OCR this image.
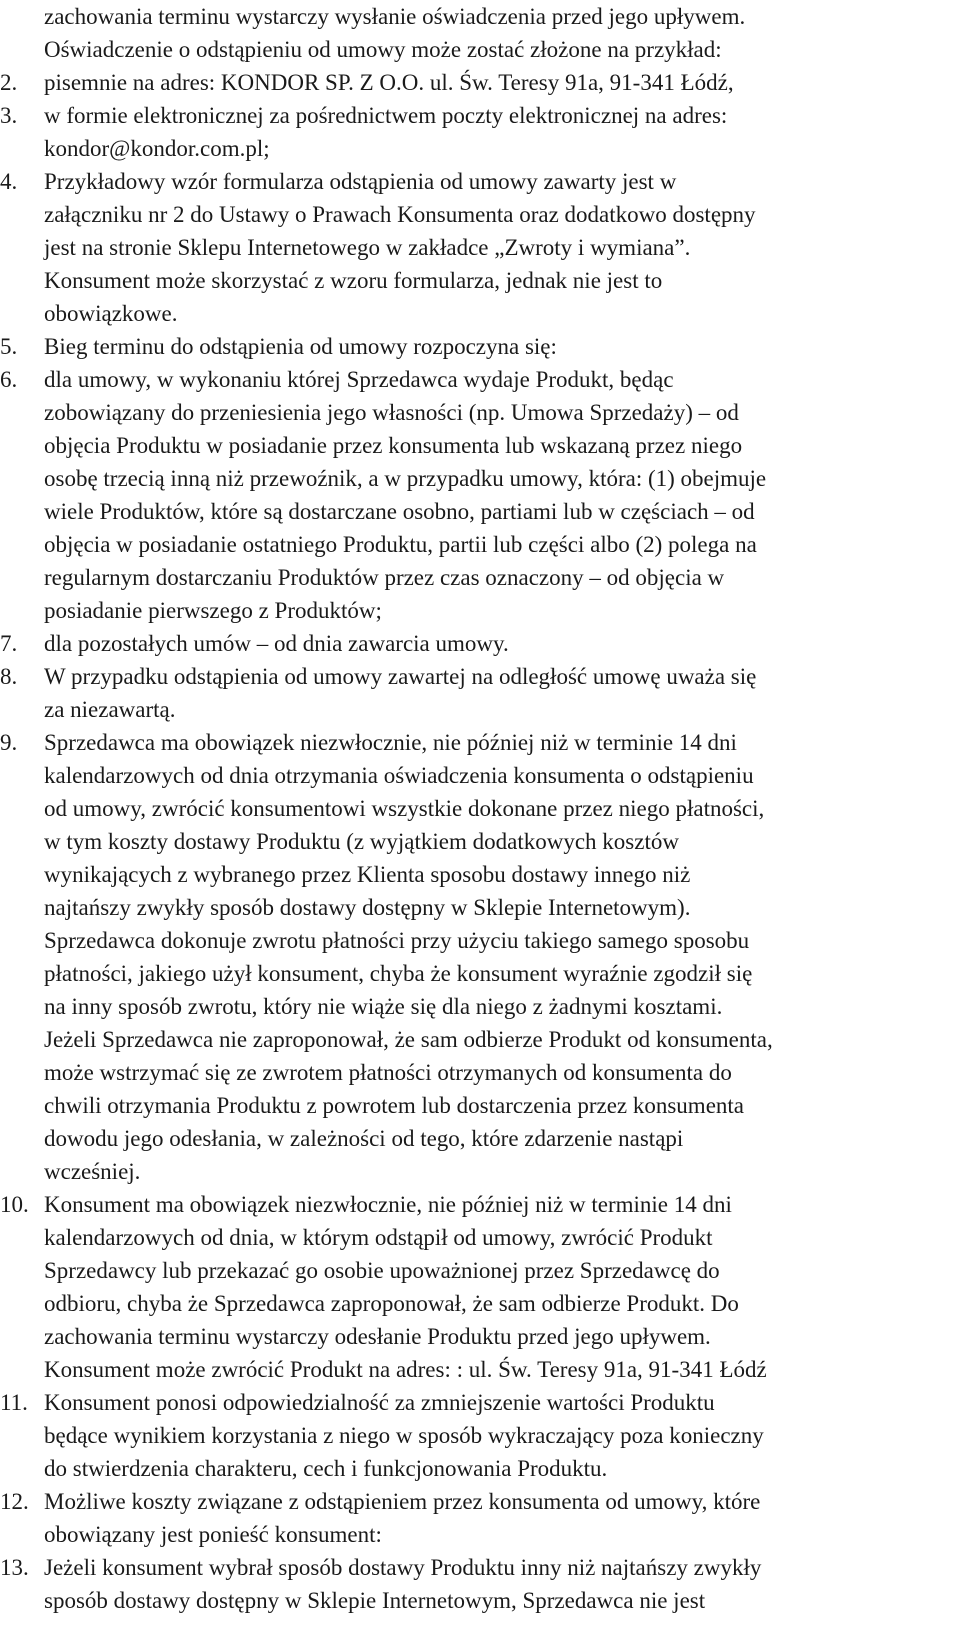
zachowania terminu wystarczy wysłanie oświadczenia przed jego upływem.
Oświadczenie o odstąpieniu od umowy może zostać złożone na przykład:
2. pisemnie na adres: KONDOR SP. Z O.O. ul. Św. Teresy 91a, 91-341 Łódź,
3. w formie elektronicznej za pośrednictwem poczty elektronicznej na adres:
kondor@kondor.com.pl;
4. Przykładowy wzór formularza odstąpienia od umowy zawarty jest w
załączniku nr 2 do Ustawy o Prawach Konsumenta oraz dodatkowo dostępny
jest na stronie Sklepu Internetowego w zakładce „Zwroty i wymiana”.
Konsument może skorzystać z wzoru formularza, jednak nie jest to
obowiązkowe.
5. Bieg terminu do odstąpienia od umowy rozpoczyna się:
6. dla umowy, w wykonaniu której Sprzedawca wydaje Produkt, będąc
zobowiązany do przeniesienia jego własności (np. Umowa Sprzedaży) – od
objęcia Produktu w posiadanie przez konsumenta lub wskazaną przez niego
osobę trzecią inną niż przewoźnik, a w przypadku umowy, która: (1) obejmuje
wiele Produktów, które są dostarczane osobno, partiami lub w częściach – od
objęcia w posiadanie ostatniego Produktu, partii lub części albo (2) polega na
regularnym dostarczaniu Produktów przez czas oznaczony – od objęcia w
posiadanie pierwszego z Produktów;
7. dla pozostałych umów – od dnia zawarcia umowy.
8. W przypadku odstąpienia od umowy zawartej na odległość umowę uważa się
za niezawartą.
9. Sprzedawca ma obowiązek niezwłocznie, nie później niż w terminie 14 dni
kalendarzowych od dnia otrzymania oświadczenia konsumenta o odstąpieniu
od umowy, zwrócić konsumentowi wszystkie dokonane przez niego płatności,
w tym koszty dostawy Produktu (z wyjątkiem dodatkowych kosztów
wynikających z wybranego przez Klienta sposobu dostawy innego niż
najtańszy zwykły sposób dostawy dostępny w Sklepie Internetowym).
Sprzedawca dokonuje zwrotu płatności przy użyciu takiego samego sposobu
płatności, jakiego użył konsument, chyba że konsument wyraźnie zgodził się
na inny sposób zwrotu, który nie wiąże się dla niego z żadnymi kosztami.
Jeżeli Sprzedawca nie zaproponował, że sam odbierze Produkt od konsumenta,
może wstrzymać się ze zwrotem płatności otrzymanych od konsumenta do
chwili otrzymania Produktu z powrotem lub dostarczenia przez konsumenta
dowodu jego odesłania, w zależności od tego, które zdarzenie nastąpi
wcześniej.
10. Konsument ma obowiązek niezwłocznie, nie później niż w terminie 14 dni
kalendarzowych od dnia, w którym odstąpił od umowy, zwrócić Produkt
Sprzedawcy lub przekazać go osobie upoważnionej przez Sprzedawcę do
odbioru, chyba że Sprzedawca zaproponował, że sam odbierze Produkt. Do
zachowania terminu wystarczy odesłanie Produktu przed jego upływem.
Konsument może zwrócić Produkt na adres: : ul. Św. Teresy 91a, 91-341 Łódź
11. Konsument ponosi odpowiedzialność za zmniejszenie wartości Produktu
będące wynikiem korzystania z niego w sposób wykraczający poza konieczny
do stwierdzenia charakteru, cech i funkcjonowania Produktu.
12. Możliwe koszty związane z odstąpieniem przez konsumenta od umowy, które
obowiązany jest ponieść konsument:
13. Jeżeli konsument wybrał sposób dostawy Produktu inny niż najtańszy zwykły
sposób dostawy dostępny w Sklepie Internetowym, Sprzedawca nie jest
